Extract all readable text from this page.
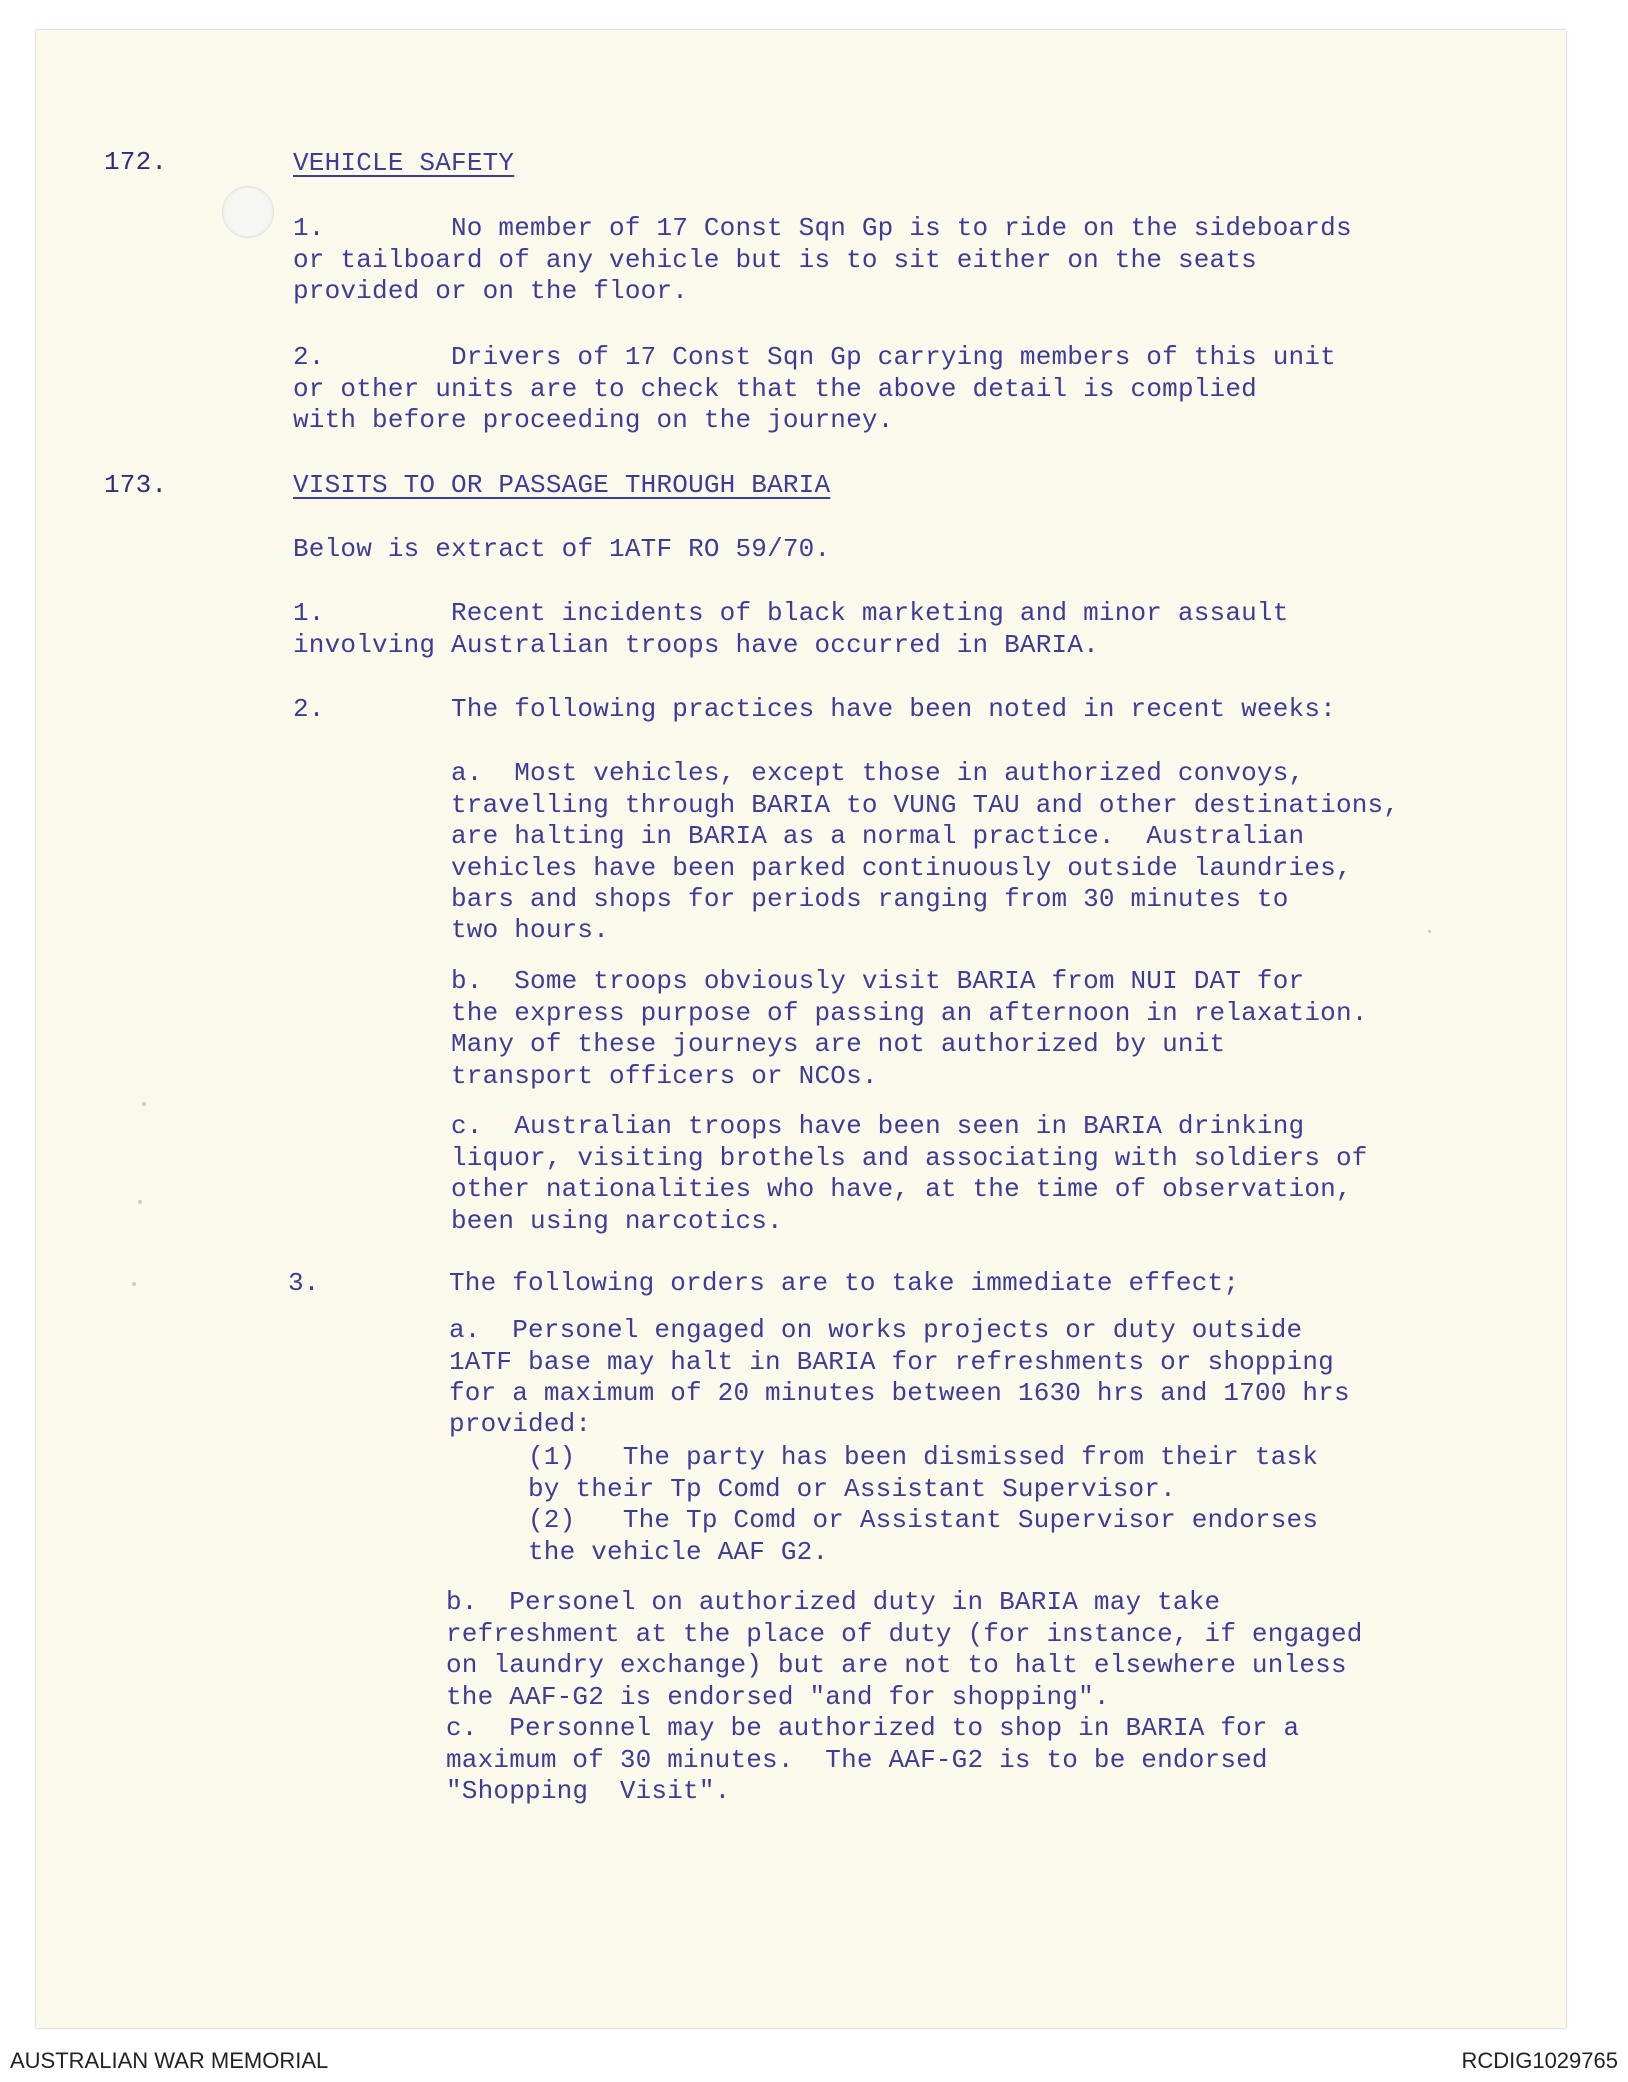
172.	VEHICLE SAFETY

1.	No member of 17 Const Sqn Gp is to ride on the sideboards

or tailboard of any vehicle but is to sit either on the seats

provided or on the floor.

2.	Drivers of 17 Const Sqn Gp carrying members of this unit

or other units are to check that the above detail is complied

with before proceeding on the journey.

173.	VISITS TO OR PASSAGE THROUGH BARIA

Below is extract of 1ATF RO 59/70.

1.	Recent incidents of black marketing and minor assault

involving Australian troops have occurred in BARIA.

2.	The following practices have been noted in recent weeks:

a.  Most vehicles, except those in authorized convoys,

travelling through BARIA to VUNG TAU and other destinations,

are halting in BARIA as a normal practice.  Australian

vehicles have been parked continuously outside laundries,

bars and shops for periods ranging from 30 minutes to

two hours.

b.  Some troops obviously visit BARIA from NUI DAT for

the express purpose of passing an afternoon in relaxation.

Many of these journeys are not authorized by unit

transport officers or NCOs.

c.  Australian troops have been seen in BARIA drinking

liquor, visiting brothels and associating with soldiers of

other nationalities who have, at the time of observation,

been using narcotics.

3.	The following orders are to take immediate effect;

a.  Personel engaged on works projects or duty outside

1ATF base may halt in BARIA for refreshments or shopping

for a maximum of 20 minutes between 1630 hrs and 1700 hrs

provided:

(1)   The party has been dismissed from their task

by their Tp Comd or Assistant Supervisor.

(2)   The Tp Comd or Assistant Supervisor endorses

the vehicle AAF G2.

b.  Personel on authorized duty in BARIA may take

refreshment at the place of duty (for instance, if engaged

on laundry exchange) but are not to halt elsewhere unless

the AAF-G2 is endorsed "and for shopping".

c.  Personnel may be authorized to shop in BARIA for a

maximum of 30 minutes.  The AAF-G2 is to be endorsed

"Shopping  Visit".

AUSTRALIAN WAR MEMORIAL	RCDIG1029765
